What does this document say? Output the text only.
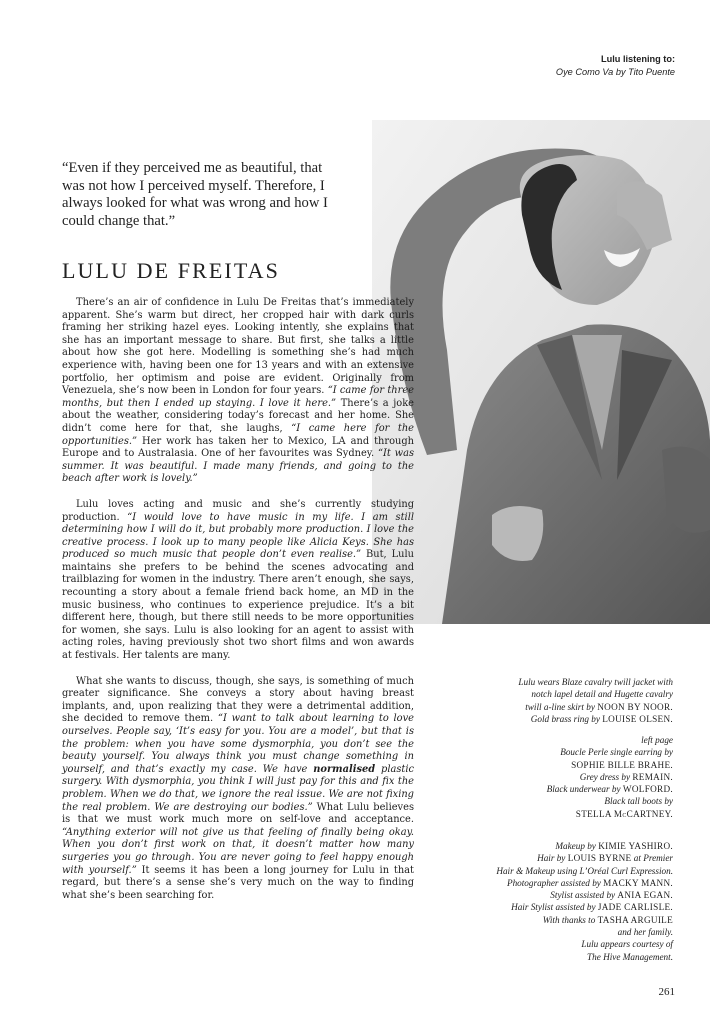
Lulu listening to:
Oye Como Va by Tito Puente

“Even if they perceived me as beautiful, that was not how I perceived myself. Therefore, I always looked for what was wrong and how I could change that.”

LULU DE FREITAS

There’s an air of confidence in Lulu De Freitas that’s immediately apparent. She’s warm but direct, her cropped hair with dark curls framing her striking hazel eyes. Looking intently, she explains that she has an important message to share. But first, she talks a little about how she got here. Modelling is something she’s had much experience with, having been one for 13 years and with an extensive portfolio, her optimism and poise are evident. Originally from Venezuela, she’s now been in London for four years. “I came for three months, but then I ended up staying. I love it here.” There’s a joke about the weather, considering today’s forecast and her home. She didn’t come here for that, she laughs, “I came here for the opportunities.” Her work has taken her to Mexico, LA and through Europe and to Australasia. One of her favourites was Sydney. “It was summer. It was beautiful. I made many friends, and going to the beach after work is lovely.”

Lulu loves acting and music and she’s currently studying production. “I would love to have music in my life. I am still determining how I will do it, but probably more production. I love the creative process. I look up to many people like Alicia Keys. She has produced so much music that people don’t even realise.” But, Lulu maintains she prefers to be behind the scenes advocating and trailblazing for women in the industry. There aren’t enough, she says, recounting a story about a female friend back home, an MD in the music business, who continues to experience prejudice. It’s a bit different here, though, but there still needs to be more opportunities for women, she says. Lulu is also looking for an agent to assist with acting roles, having previously shot two short films and won awards at festivals. Her talents are many.

What she wants to discuss, though, she says, is something of much greater significance. She conveys a story about having breast implants, and, upon realizing that they were a detrimental addition, she decided to remove them. “I want to talk about learning to love ourselves. People say, ‘It’s easy for you. You are a model’, but that is the problem: when you have some dysmorphia, you don’t see the beauty yourself. You always think you must change something in yourself, and that’s exactly my case. We have normalised plastic surgery. With dysmorphia, you think I will just pay for this and fix the problem. When we do that, we ignore the real issue. We are not fixing the real problem. We are destroying our bodies.” What Lulu believes is that we must work much more on self-love and acceptance. “Anything exterior will not give us that feeling of finally being okay. When you don’t first work on that, it doesn’t matter how many surgeries you go through. You are never going to feel happy enough with yourself.” It seems it has been a long journey for Lulu in that regard, but there’s a sense she’s very much on the way to finding what she’s been searching for.

Lulu wears Blaze cavalry twill jacket with
notch lapel detail and Hugette cavalry
twill a-line skirt by NOON BY NOOR.
Gold brass ring by LOUISE OLSEN.
left page
Boucle Perle single earring by
SOPHIE BILLE BRAHE.
Grey dress by REMAIN.
Black underwear by WOLFORD.
Black tall boots by
STELLA McCARTNEY.
Makeup by KIMIE YASHIRO.
Hair by LOUIS BYRNE at Premier
Hair & Makeup using L’Oréal Curl Expression.
Photographer assisted by MACKY MANN.
Stylist assisted by ANIA EGAN.
Hair Stylist assisted by JADE CARLISLE.
With thanks to TASHA ARGUILE
and her family.
Lulu appears courtesy of
The Hive Management.
261
